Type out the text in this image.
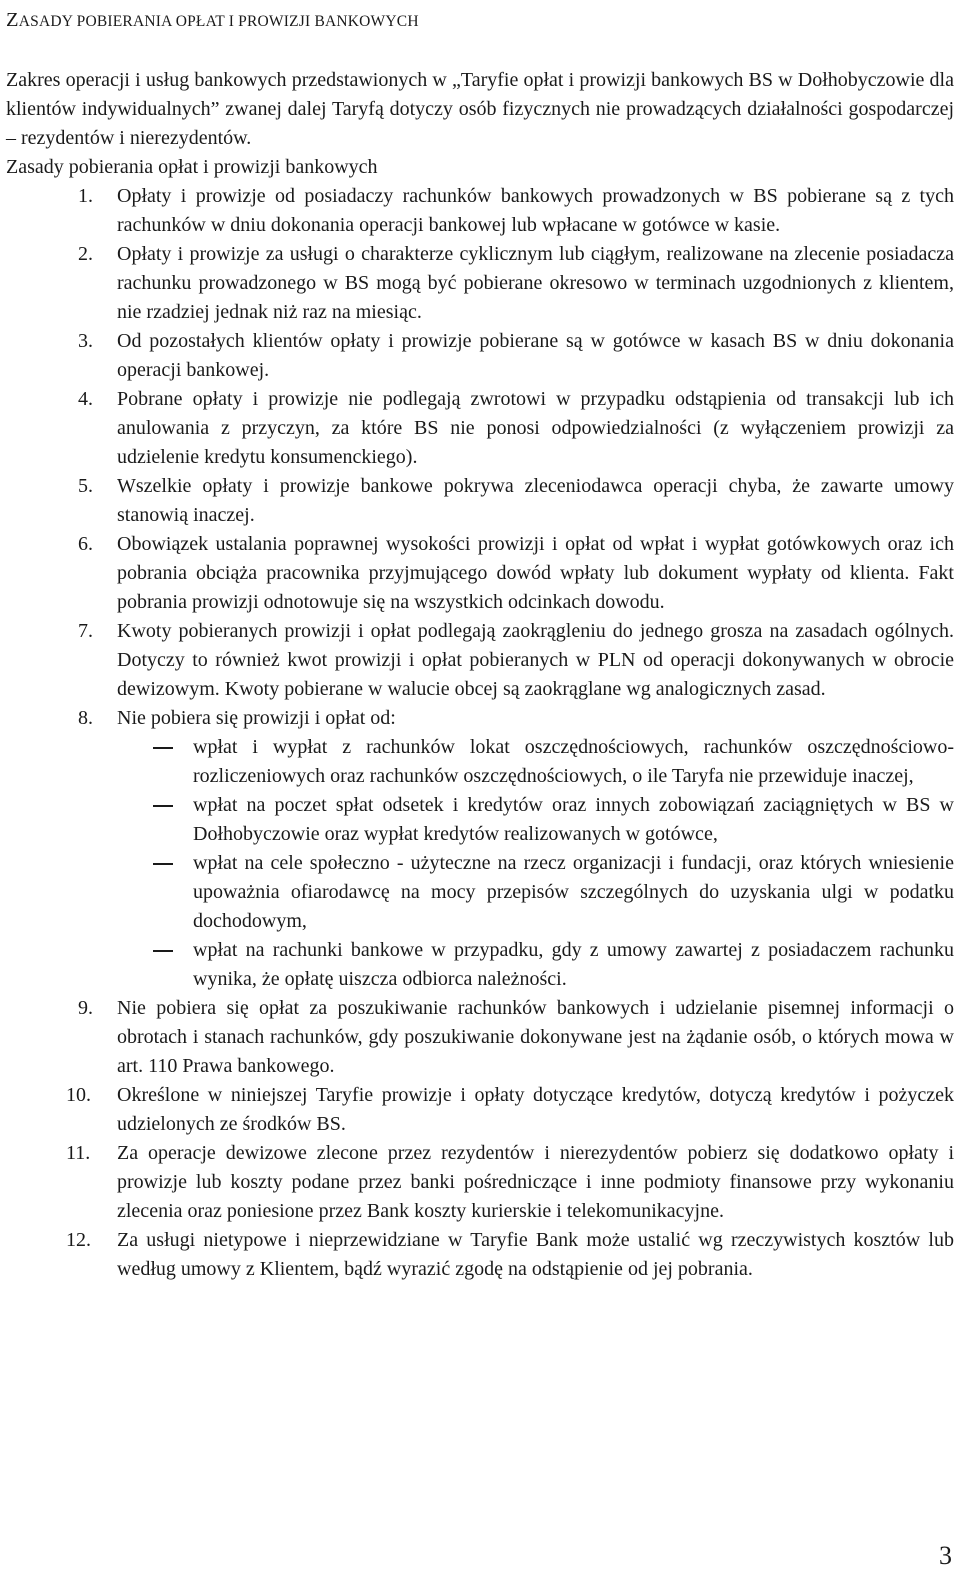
ZASADY POBIERANIA OPŁAT I PROWIZJI BANKOWYCH

Zakres operacji i usług bankowych przedstawionych w „Taryfie opłat i prowizji bankowych BS w Dołhobyczowie dla klientów indywidualnych” zwanej dalej Taryfą dotyczy osób fizycznych nie prowadzących działalności gospodarczej – rezydentów i nierezydentów.

Zasady pobierania opłat i prowizji bankowych

1. Opłaty i prowizje od posiadaczy rachunków bankowych prowadzonych w BS pobierane są z tych rachunków w dniu dokonania operacji bankowej lub wpłacane w gotówce w kasie.
2. Opłaty i prowizje za usługi o charakterze cyklicznym lub ciągłym, realizowane na zlecenie posiadacza rachunku prowadzonego w BS mogą być pobierane okresowo w terminach uzgodnionych z klientem, nie rzadziej jednak niż raz na miesiąc.
3. Od pozostałych klientów opłaty i prowizje pobierane są w gotówce w kasach BS w dniu dokonania operacji bankowej.
4. Pobrane opłaty i prowizje nie podlegają zwrotowi w przypadku odstąpienia od transakcji lub ich anulowania z przyczyn, za które BS nie ponosi odpowiedzialności (z wyłączeniem prowizji za udzielenie kredytu konsumenckiego).
5. Wszelkie opłaty i prowizje bankowe pokrywa zleceniodawca operacji chyba, że zawarte umowy stanowią inaczej.
6. Obowiązek ustalania poprawnej wysokości prowizji i opłat od wpłat i wypłat gotówkowych oraz ich pobrania obciąża pracownika przyjmującego dowód wpłaty lub dokument wypłaty od klienta. Fakt pobrania prowizji odnotowuje się na wszystkich odcinkach dowodu.
7. Kwoty pobieranych prowizji i opłat podlegają zaokrągleniu do jednego grosza na zasadach ogólnych. Dotyczy to również kwot prowizji i opłat pobieranych w PLN od operacji dokonywanych w obrocie dewizowym. Kwoty pobierane w walucie obcej są zaokrąglane wg analogicznych zasad.
8. Nie pobiera się prowizji i opłat od:
wpłat i wypłat z rachunków lokat oszczędnościowych, rachunków oszczędnościowo-rozliczeniowych oraz rachunków oszczędnościowych, o ile Taryfa nie przewiduje inaczej,
wpłat na poczet spłat odsetek i kredytów oraz innych zobowiązań zaciągniętych w BS w Dołhobyczowie oraz wypłat kredytów realizowanych w gotówce,
wpłat na cele społeczno - użyteczne na rzecz organizacji i fundacji, oraz których wniesienie upoważnia ofiarodawcę na mocy przepisów szczególnych do uzyskania ulgi w podatku dochodowym,
wpłat na rachunki bankowe w przypadku, gdy z umowy zawartej z posiadaczem rachunku wynika, że opłatę uiszcza odbiorca należności.
9. Nie pobiera się opłat za poszukiwanie rachunków bankowych i udzielanie pisemnej informacji o obrotach i stanach rachunków, gdy poszukiwanie dokonywane jest na żądanie osób, o których mowa w art. 110 Prawa bankowego.
10. Określone w niniejszej Taryfie prowizje i opłaty dotyczące kredytów, dotyczą kredytów i pożyczek udzielonych ze środków BS.
11. Za operacje dewizowe zlecone przez rezydentów i nierezydentów pobierz się dodatkowo opłaty i prowizje lub koszty podane przez banki pośredniczące i inne podmioty finansowe przy wykonaniu zlecenia oraz poniesione przez Bank koszty kurierskie i telekomunikacyjne.
12. Za usługi nietypowe i nieprzewidziane w Taryfie Bank może ustalić wg rzeczywistych kosztów lub według umowy z Klientem, bądź wyrazić zgodę na odstąpienie od jej pobrania.
3
